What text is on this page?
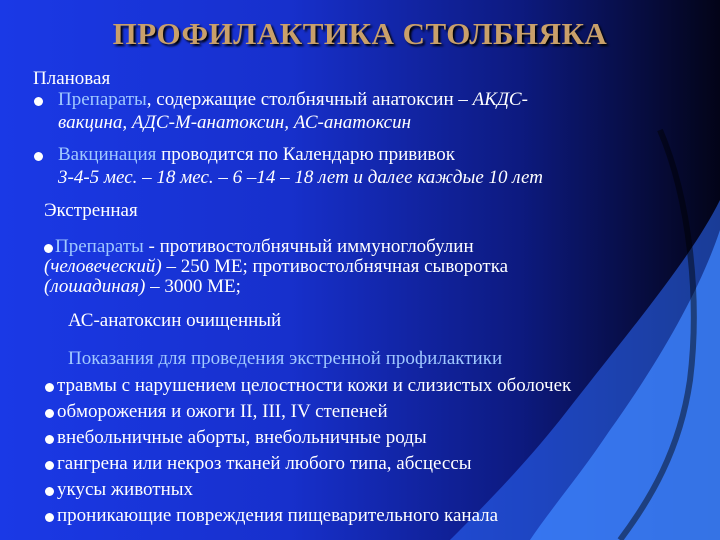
ПРОФИЛАКТИКА СТОЛБНЯКА
Плановая
Препараты, содержащие столбнячный анатоксин – АКДС-
вакцина, АДС-М-анатоксин, АС-анатоксин
Вакцинация проводится по Календарю прививок
3-4-5 мес. – 18 мес. – 6 –14 – 18 лет и далее каждые 10 лет
Экстренная
Препараты - противостолбнячный иммуноглобулин
(человеческий) – 250 МЕ; противостолбнячная сыворотка
(лошадиная) – 3000 МЕ;
АС-анатоксин очищенный
Показания для проведения экстренной профилактики
травмы с нарушением целостности кожи и слизистых оболочек
обморожения и ожоги II, III, IV степеней
внебольничные аборты, внебольничные роды
гангрена или некроз тканей любого типа, абсцессы
укусы животных
проникающие повреждения пищеварительного канала
